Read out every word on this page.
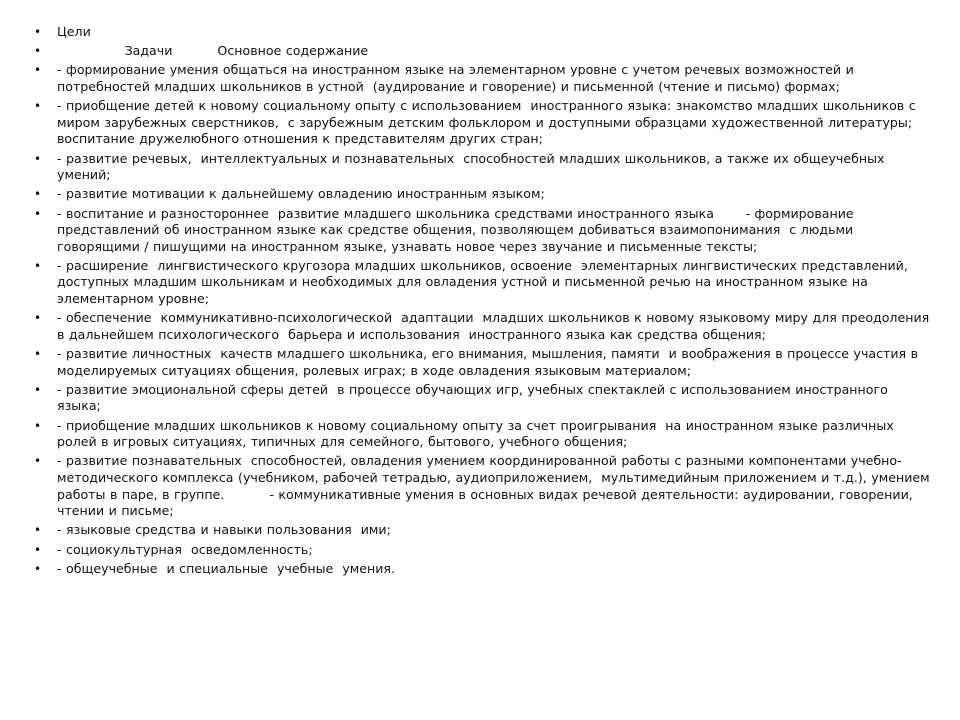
• Цели
•                Задачи          Основное содержание
• - формирование умения общаться на иностранном языке на элементарном уровне с учетом речевых возможностей и потребностей младших школьников в устной  (аудирование и говорение) и письменной (чтение и письмо) формах;
• - приобщение детей к новому социальному опыту с использованием  иностранного языка: знакомство младших школьников с миром зарубежных сверстников,  с зарубежным детским фольклором и доступными образцами художественной литературы; воспитание дружелюбного отношения к представителям других стран;
• - развитие речевых,  интеллектуальных и познавательных  способностей младших школьников, а также их общеучебных умений;
• - развитие мотивации к дальнейшему овладению иностранным языком;
• - воспитание и разностороннее  развитие младшего школьника средствами иностранного языка       - формирование представлений об иностранном языке как средстве общения, позволяющем добиваться взаимопонимания  с людьми говорящими / пишущими на иностранном языке, узнавать новое через звучание и письменные тексты;
• - расширение  лингвистического кругозора младших школьников, освоение  элементарных лингвистических представлений, доступных младшим школьникам и необходимых для овладения устной и письменной речью на иностранном языке на элементарном уровне;
• - обеспечение  коммуникативно-психологической  адаптации  младших школьников к новому языковому миру для преодоления в дальнейшем психологического  барьера и использования  иностранного языка как средства общения;
• - развитие личностных  качеств младшего школьника, его внимания, мышления, памяти  и воображения в процессе участия в моделируемых ситуациях общения, ролевых играх; в ходе овладения языковым материалом;
• - развитие эмоциональной сферы детей  в процессе обучающих игр, учебных спектаклей с использованием иностранного языка;
• - приобщение младших школьников к новому социальному опыту за счет проигрывания  на иностранном языке различных ролей в игровых ситуациях, типичных для семейного, бытового, учебного общения;
• - развитие познавательных  способностей, овладения умением координированной работы с разными компонентами учебно-методического комплекса (учебником, рабочей тетрадью, аудиоприложением,  мультимедийным приложением и т.д.), умением работы в паре, в группе.          - коммуникативные умения в основных видах речевой деятельности: аудировании, говорении,  чтении и письме;
• - языковые средства и навыки пользования  ими;
• - социокультурная  осведомленность;
• - общеучебные  и специальные  учебные  умения.
